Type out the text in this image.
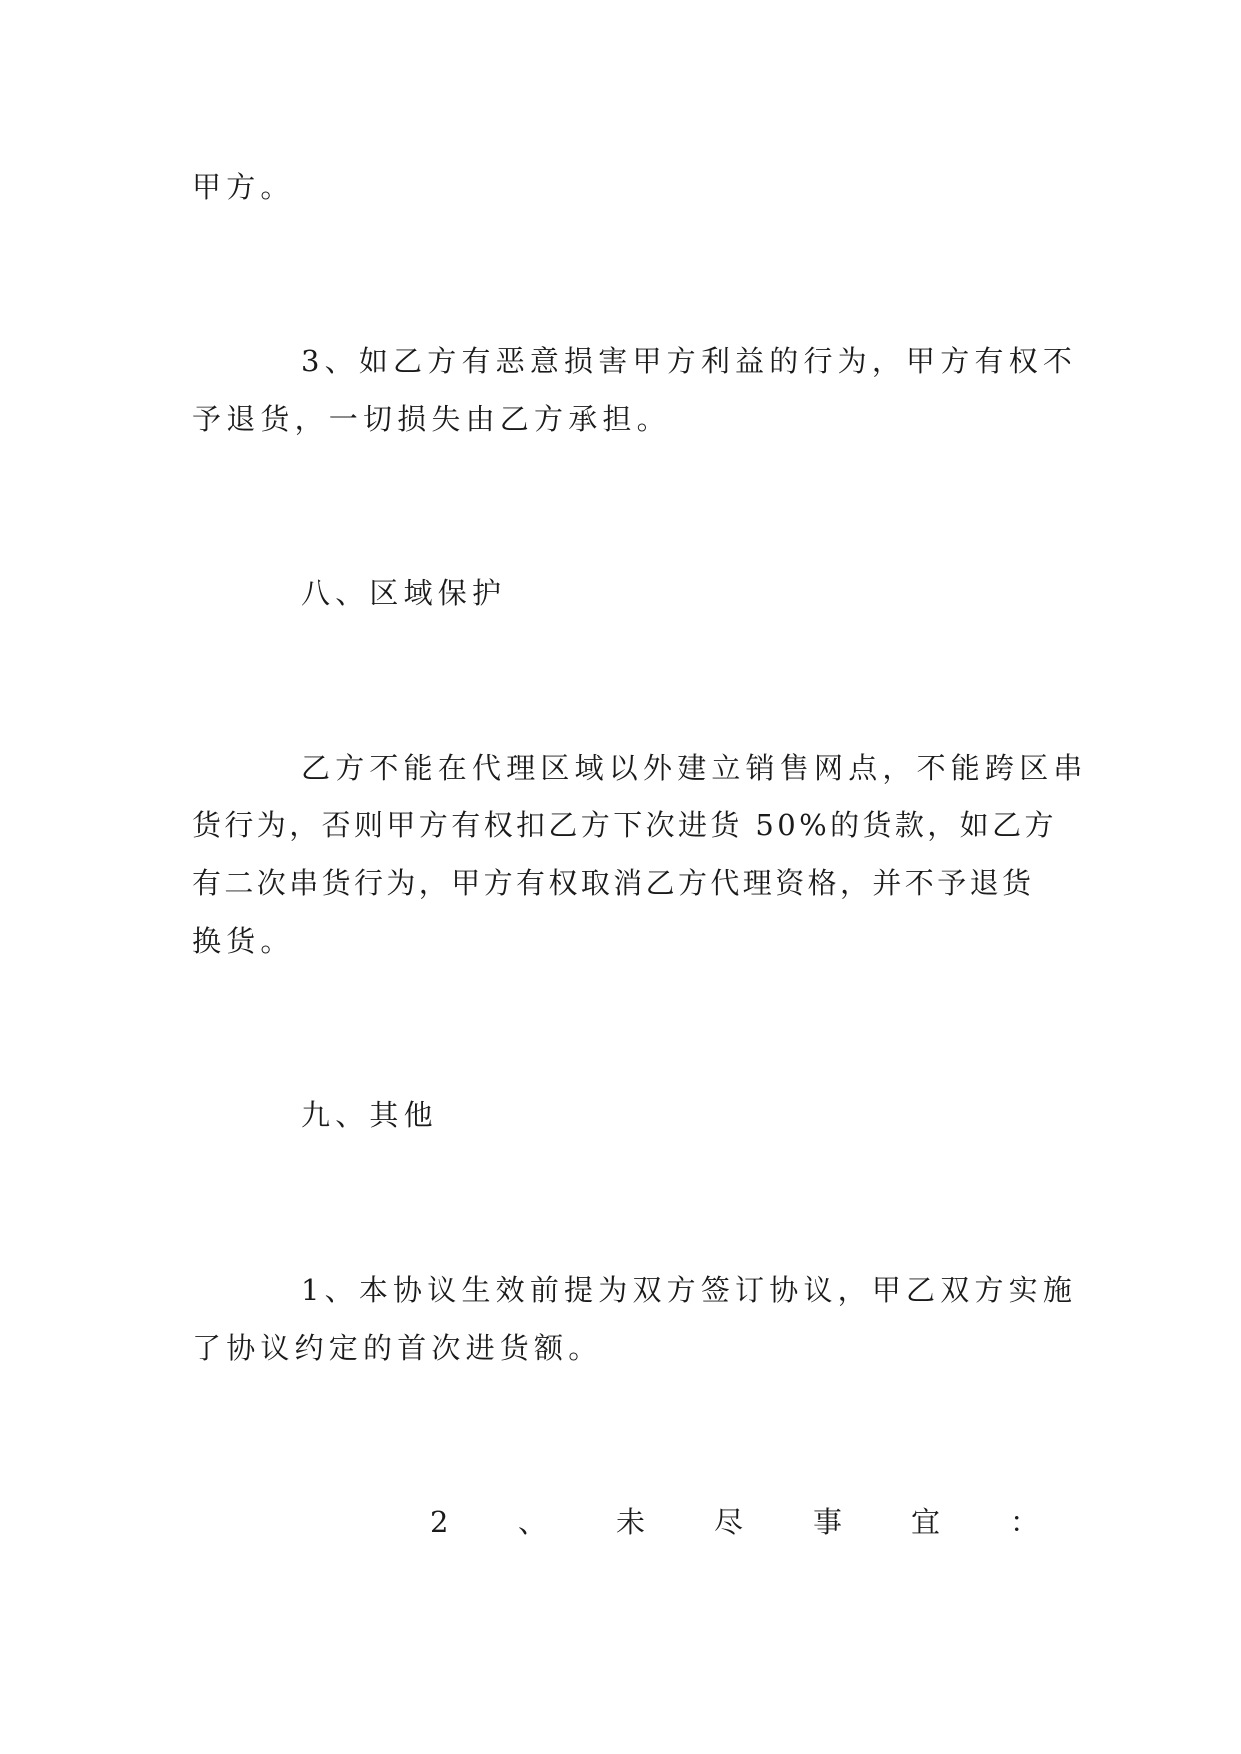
甲方。
3、如乙方有恶意损害甲方利益的行为，甲方有权不
予退货，一切损失由乙方承担。
八、区域保护
乙方不能在代理区域以外建立销售网点，不能跨区串
货行为，否则甲方有权扣乙方下次进货 50%的货款，如乙方
有二次串货行为，甲方有权取消乙方代理资格，并不予退货
换货。
九、其他
1、本协议生效前提为双方签订协议，甲乙双方实施
了协议约定的首次进货额。
2 、 未 尽 事 宜 ：
